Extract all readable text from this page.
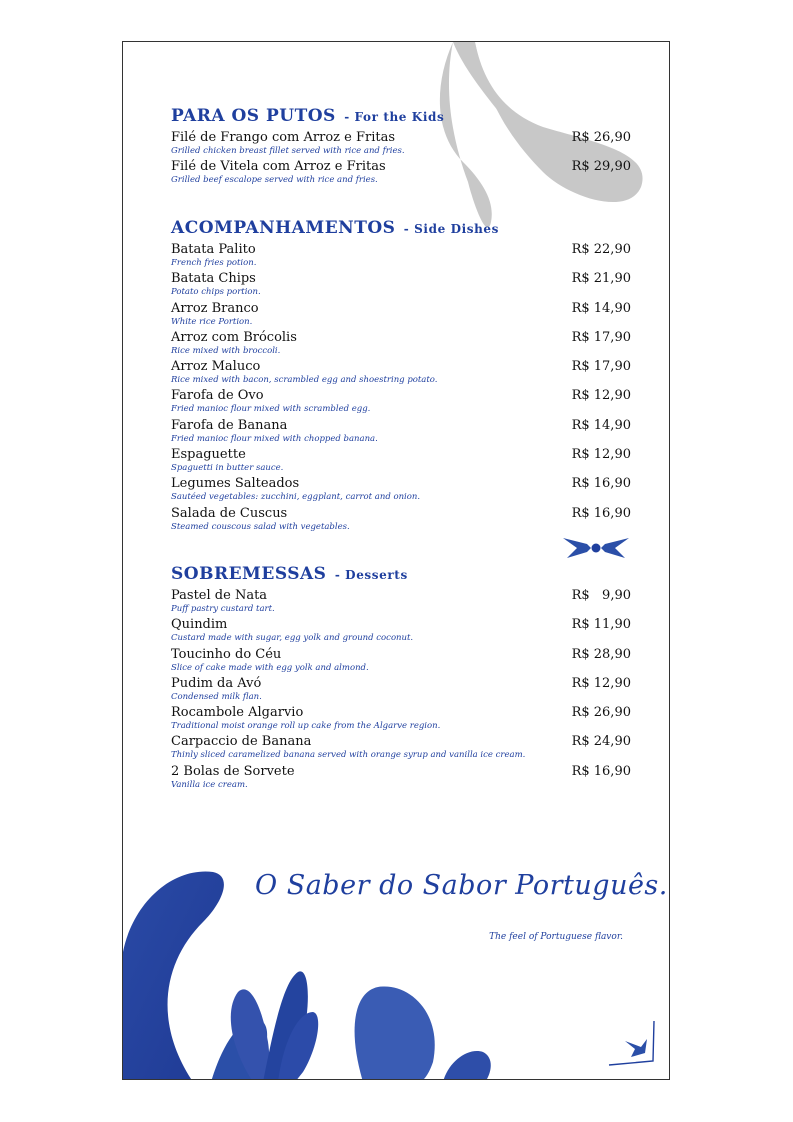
PARA OS PUTOS - For the Kids
Filé de Frango com Arroz e Fritas
Grilled chicken breast fillet served with rice and fries.
R$ 26,90
Filé de Vitela com Arroz e Fritas
Grilled beef escalope served with rice and fries.
R$ 29,90
ACOMPANHAMENTOS - Side Dishes
Batata Palito
French fries potion.
R$ 22,90
Batata Chips
Potato chips portion.
R$ 21,90
Arroz Branco
White rice Portion.
R$ 14,90
Arroz com Brócolis
Rice mixed with broccoli.
R$ 17,90
Arroz Maluco
Rice mixed with bacon, scrambled egg and shoestring potato.
R$ 17,90
Farofa de Ovo
Fried manioc flour mixed with scrambled egg.
R$ 12,90
Farofa de Banana
Fried manioc flour mixed with chopped banana.
R$ 14,90
Espaguette
Spaguetti in butter sauce.
R$ 12,90
Legumes Salteados
Sautéed vegetables: zucchini, eggplant, carrot and onion.
R$ 16,90
Salada de Cuscus
Steamed couscous salad with vegetables.
R$ 16,90
SOBREMESSAS - Desserts
Pastel de Nata
Puff pastry custard tart.
R$   9,90
Quindim
Custard made with sugar, egg yolk and ground coconut.
R$ 11,90
Toucinho do Céu
Slice of cake made with egg yolk and almond.
R$ 28,90
Pudim da Avó
Condensed milk flan.
R$ 12,90
Rocambole Algarvio
Traditional moist orange roll up cake from the Algarve region.
R$ 26,90
Carpaccio de Banana
Thinly sliced caramelized banana served with orange syrup and vanilla ice cream.
R$ 24,90
2 Bolas de Sorvete
Vanilla ice cream.
R$ 16,90
O Saber do Sabor Português.
The feel of Portuguese flavor.
